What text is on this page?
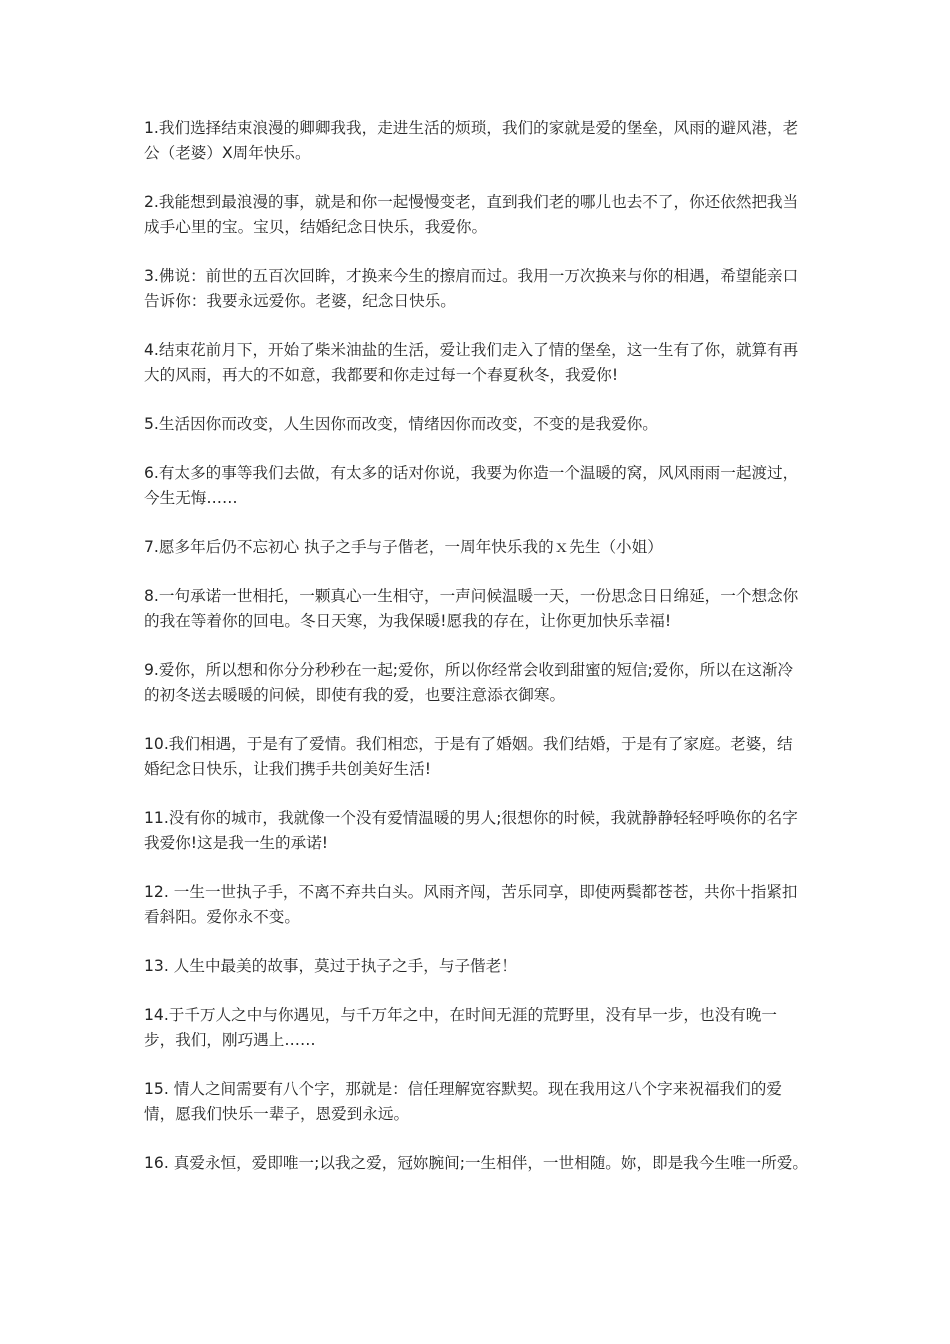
1.我们选择结束浪漫的卿卿我我，走进生活的烦琐，我们的家就是爱的堡垒，风雨的避风港，老公（老婆）X周年快乐。

2.我能想到最浪漫的事，就是和你一起慢慢变老，直到我们老的哪儿也去不了，你还依然把我当成手心里的宝。宝贝，结婚纪念日快乐，我爱你。

3.佛说：前世的五百次回眸，才换来今生的擦肩而过。我用一万次换来与你的相遇，希望能亲口告诉你：我要永远爱你。老婆，纪念日快乐。

4.结束花前月下，开始了柴米油盐的生活，爱让我们走入了情的堡垒，这一生有了你，就算有再大的风雨，再大的不如意，我都要和你走过每一个春夏秋冬，我爱你!

5.生活因你而改变，人生因你而改变，情绪因你而改变，不变的是我爱你。

6.有太多的事等我们去做，有太多的话对你说，我要为你造一个温暖的窝，风风雨雨一起渡过，今生无悔……

7.愿多年后仍不忘初心 执子之手与子偕老，一周年快乐我的ｘ先生（小姐）

8.一句承诺一世相托，一颗真心一生相守，一声问候温暖一天，一份思念日日绵延，一个想念你的我在等着你的回电。冬日天寒，为我保暖!愿我的存在，让你更加快乐幸福!

9.爱你，所以想和你分分秒秒在一起;爱你，所以你经常会收到甜蜜的短信;爱你，所以在这渐冷的初冬送去暖暖的问候，即使有我的爱，也要注意添衣御寒。

10.我们相遇，于是有了爱情。我们相恋，于是有了婚姻。我们结婚，于是有了家庭。老婆，结婚纪念日快乐，让我们携手共创美好生活!

11.没有你的城市，我就像一个没有爱情温暖的男人;很想你的时候，我就静静轻轻呼唤你的名字我爱你!这是我一生的承诺!

12. 一生一世执子手，不离不弃共白头。风雨齐闯，苦乐同享，即使两鬓都苍苍，共你十指紧扣看斜阳。爱你永不变。

13. 人生中最美的故事，莫过于执子之手，与子偕老！

14.于千万人之中与你遇见，与千万年之中，在时间无涯的荒野里，没有早一步，也没有晚一步，我们，刚巧遇上……

15. 情人之间需要有八个字，那就是：信任理解宽容默契。现在我用这八个字来祝福我们的爱情，愿我们快乐一辈子，恩爱到永远。

16. 真爱永恒，爱即唯一;以我之爱，冠妳腕间;一生相伴，一世相随。妳，即是我今生唯一所爱。
